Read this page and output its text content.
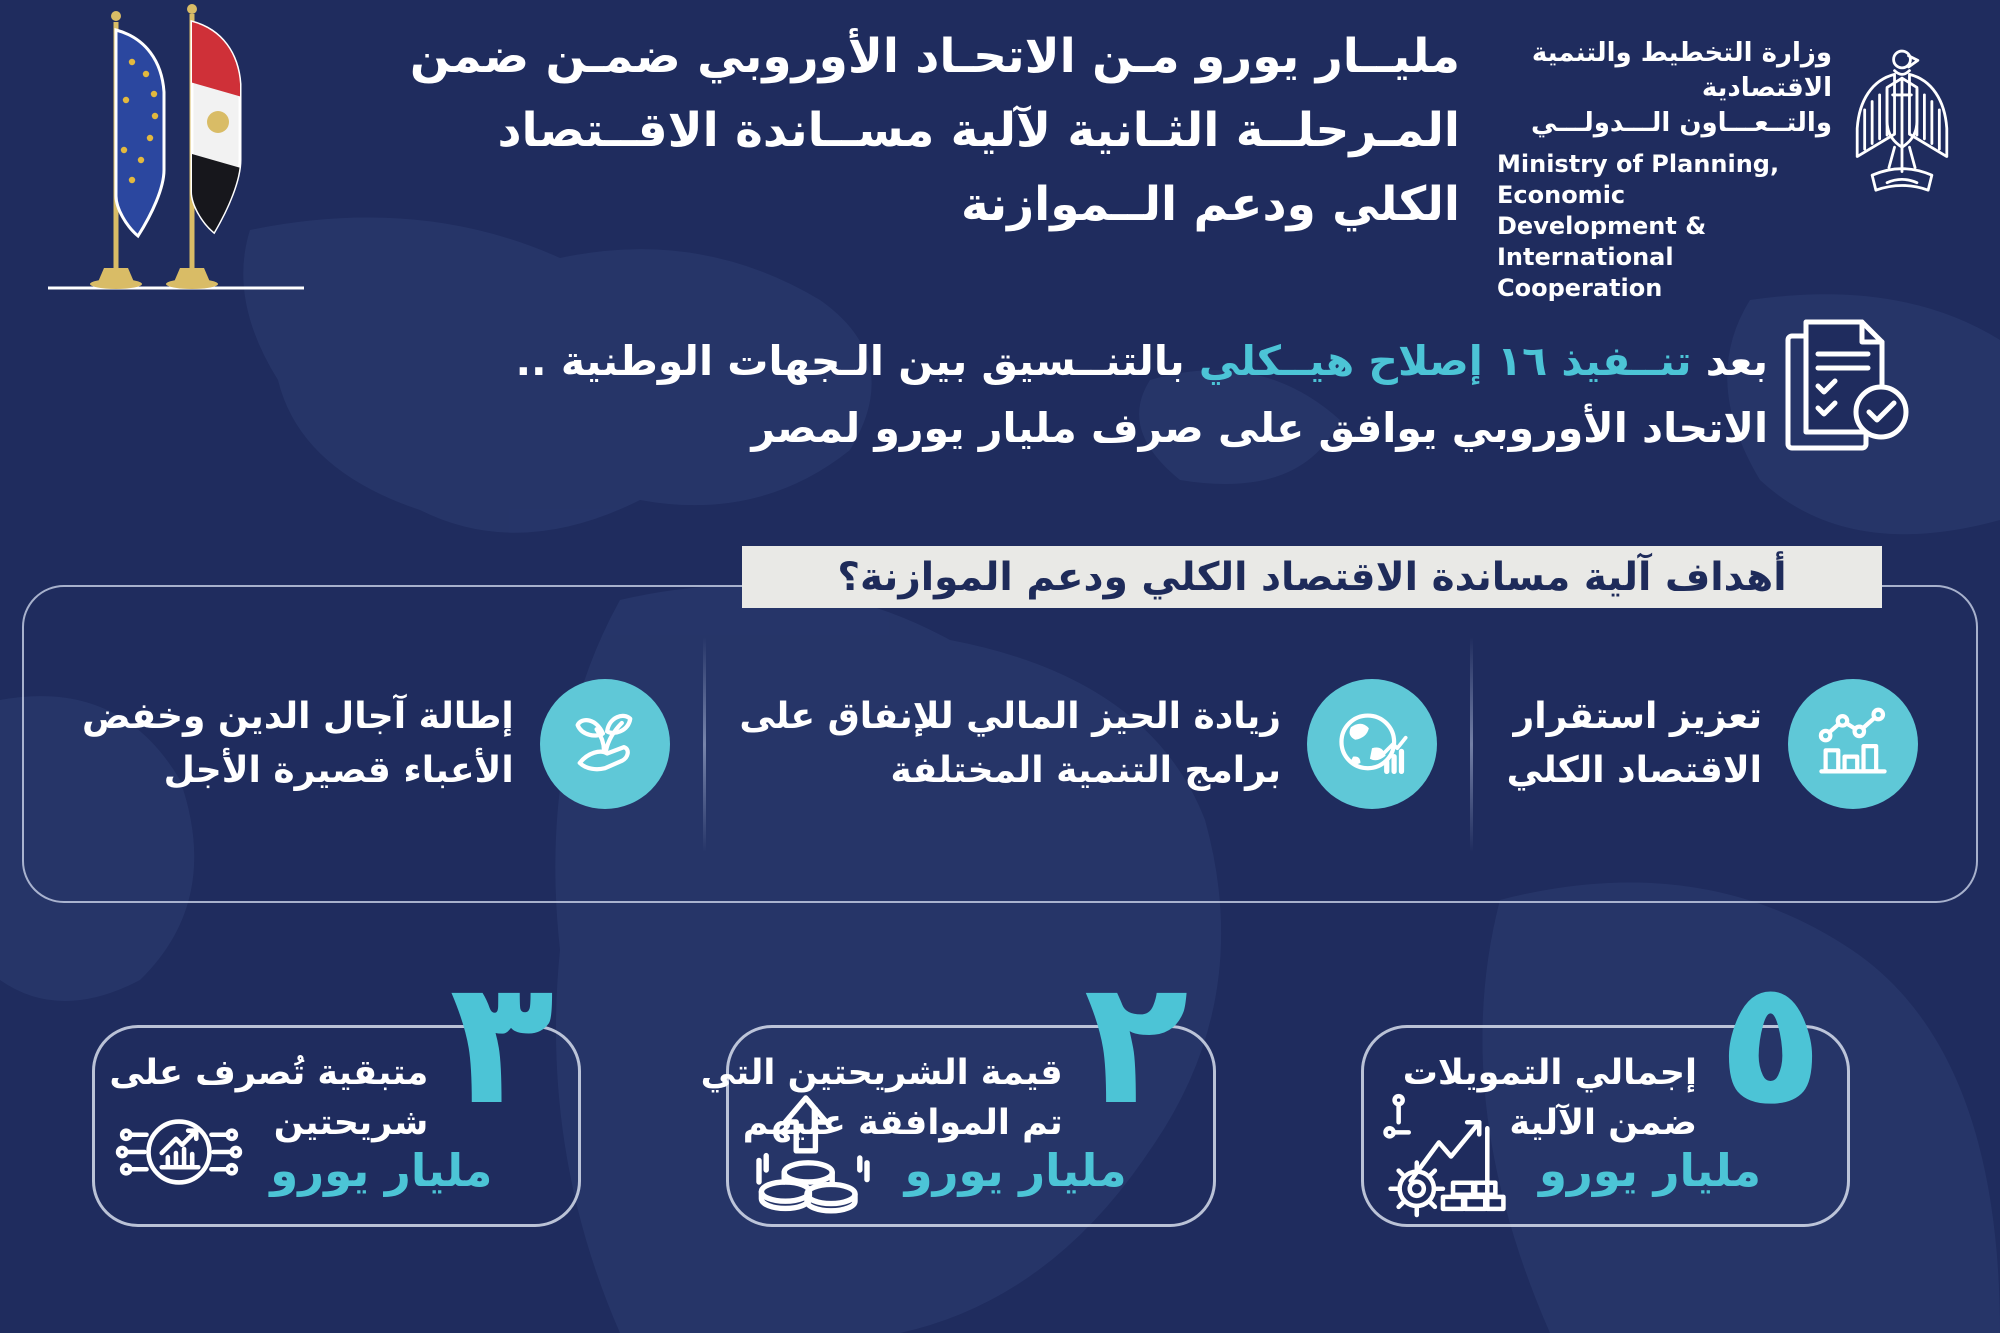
مليــار يورو مـن الاتحـاد الأوروبي ضمـن ضمن
المـرحلــة الثـانية لآلية مســاندة الاقــتصاد
الكلي ودعم الــموازنة
وزارة التخطيط والتنمية الاقتصادية
والتــعـــاون الـــدولـــي
Ministry of Planning, Economic
Development & International
Cooperation
بعد تنــفيذ ١٦ إصلاح هيــكلي بالتنــسيق بين الـجهات الوطنية ..
الاتحاد الأوروبي يوافق على صرف مليار يورو لمصر
أهداف آلية مساندة الاقتصاد الكلي ودعم الموازنة؟
تعزيز استقرار
الاقتصاد الكلي
زيادة الحيز المالي للإنفاق على
برامج التنمية المختلفة
إطالة آجال الدين وخفض
الأعباء قصيرة الأجل
٥
إجمالي التمويلات
ضمن الآلية
مليار يورو
٢
قيمة الشريحتين التي
تم الموافقة عليهم
مليار يورو
٣
متبقية تُصرف على
شريحتين
مليار يورو
